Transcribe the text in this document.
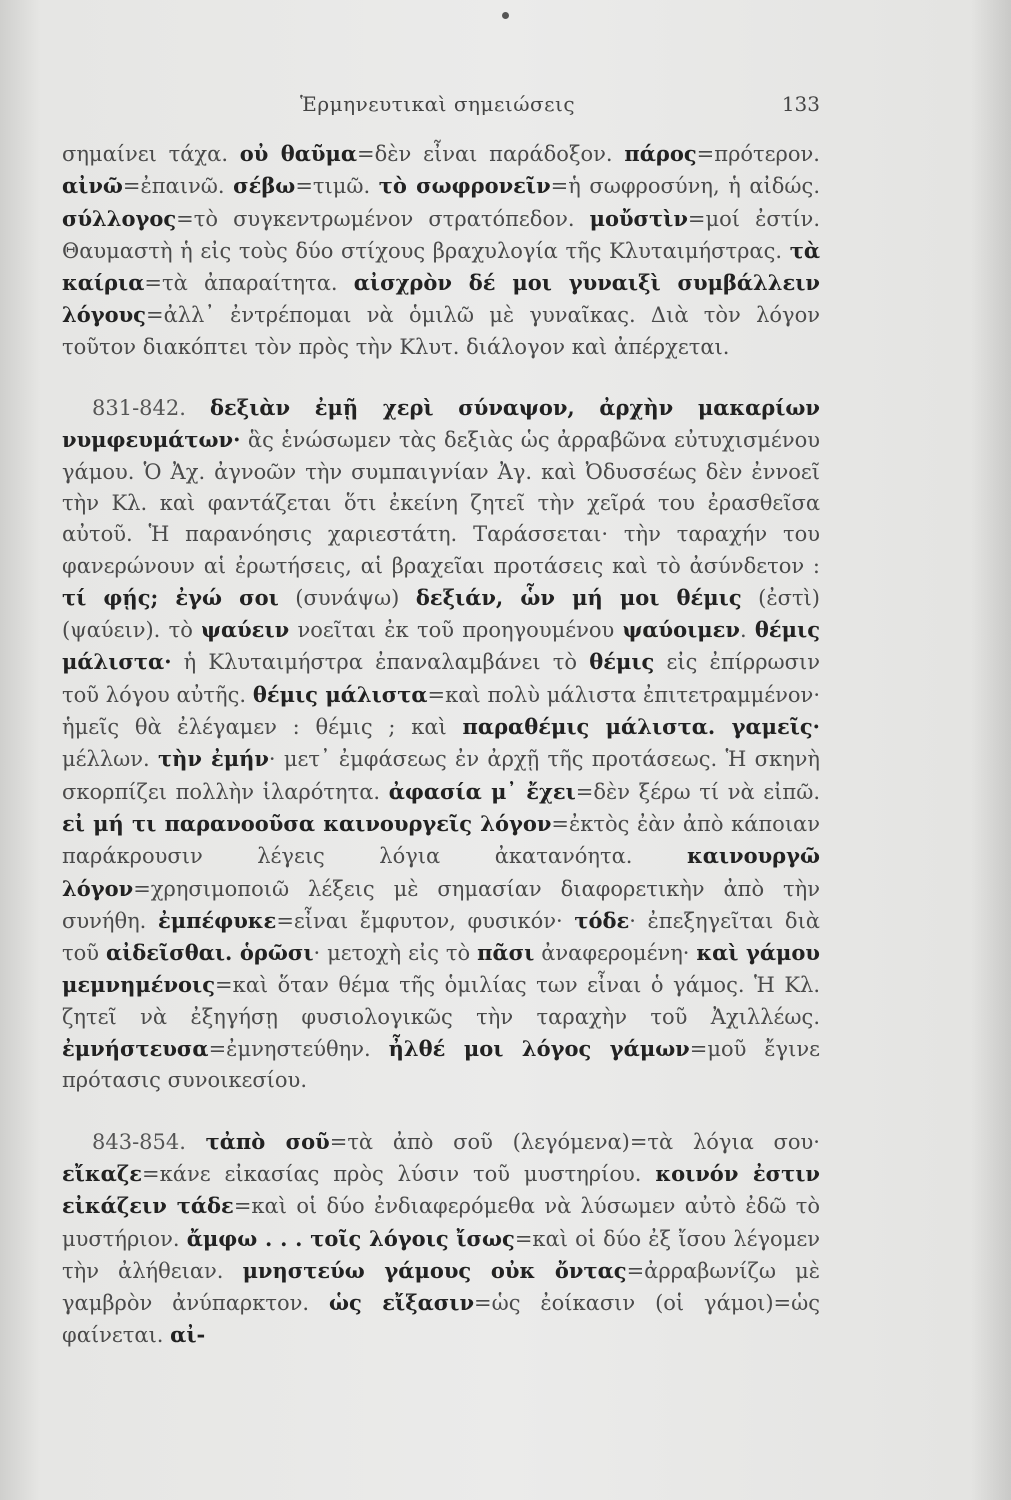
Ἑρμηνευτικαὶ σημειώσεις	133

σημαίνει τάχα. οὐ θαῦμα=δὲν εἶναι παράδοξον. πάρος=πρότερον. αἰνῶ=ἐπαινῶ. σέβω=τιμῶ. τὸ σωφρονεῖν=ἡ σωφροσύνη, ἡ αἰδώς. σύλλογος=τὸ συγκεντρωμένον στρατόπεδον. μοὔστὶν=μοί ἐστίν. Θαυμαστὴ ἡ εἰς τοὺς δύο στίχους βραχυλογία τῆς Κλυταιμήστρας. τὰ καίρια=τὰ ἀπαραίτητα. αἰσχρὸν δέ μοι γυναιξὶ συμβάλλειν λόγους=ἀλλ᾽ ἐντρέπομαι νὰ ὁμιλῶ μὲ γυναῖκας. Διὰ τὸν λόγον τοῦτον διακόπτει τὸν πρὸς τὴν Κλυτ. διάλογον καὶ ἀπέρχεται.

831-842. δεξιὰν ἐμῇ χερὶ σύναψον, ἀρχὴν μακαρίων νυμφευμάτων· ἃς ἑνώσωμεν τὰς δεξιὰς ὡς ἀρραβῶνα εὐτυχισμένου γάμου. Ὁ Ἀχ. ἀγνοῶν τὴν συμπαιγνίαν Ἀγ. καὶ Ὀδυσσέως δὲν ἐννοεῖ τὴν Κλ. καὶ φαντάζεται ὅτι ἐκείνη ζητεῖ τὴν χεῖρά του ἐρασθεῖσα αὐτοῦ. Ἡ παρανόησις χαριεστάτη. Ταράσσεται· τὴν ταραχήν του φανερώνουν αἱ ἐρωτήσεις, αἱ βραχεῖαι προτάσεις καὶ τὸ ἀσύνδετον : τί φῄς; ἐγώ σοι (συνάψω) δεξιάν, ὧν μή μοι θέμις (ἐστὶ) (ψαύειν). τὸ ψαύειν νοεῖται ἐκ τοῦ προηγουμένου ψαύοιμεν. θέμις μάλιστα· ἡ Κλυταιμήστρα ἐπαναλαμβάνει τὸ θέμις εἰς ἐπίρρωσιν τοῦ λόγου αὐτῆς. θέμις μάλιστα=καὶ πολὺ μάλιστα ἐπιτετραμμένον· ἡμεῖς θὰ ἐλέγαμεν : θέμις ; καὶ παραθέμις μάλιστα. γαμεῖς· μέλλων. τὴν ἐμήν· μετ᾽ ἐμφάσεως ἐν ἀρχῇ τῆς προτάσεως. Ἡ σκηνὴ σκορπίζει πολλὴν ἱλαρότητα. ἀφασία μ᾽ ἔχει=δὲν ξέρω τί νὰ εἰπῶ. εἰ μή τι παρανοοῦσα καινουργεῖς λόγον=ἐκτὸς ἐὰν ἀπὸ κάποιαν παράκρουσιν λέγεις λόγια ἀκατανόητα. καινουργῶ λόγον=χρησιμοποιῶ λέξεις μὲ σημασίαν διαφορετικὴν ἀπὸ τὴν συνήθη. ἐμπέφυκε=εἶναι ἔμφυτον, φυσικόν· τόδε· ἐπεξηγεῖται διὰ τοῦ αἰδεῖσθαι. ὁρῶσι· μετοχὴ εἰς τὸ πᾶσι ἀναφερομένη· καὶ γάμου μεμνημένοις=καὶ ὅταν θέμα τῆς ὁμιλίας των εἶναι ὁ γάμος. Ἡ Κλ. ζητεῖ νὰ ἐξηγήσῃ φυσιολογικῶς τὴν ταραχὴν τοῦ Ἀχιλλέως. ἐμνήστευσα=ἐμνηστεύθην. ἦλθέ μοι λόγος γάμων=μοῦ ἔγινε πρότασις συνοικεσίου.

843-854. τἀπὸ σοῦ=τὰ ἀπὸ σοῦ (λεγόμενα)=τὰ λόγια σου· εἴκαζε=κάνε εἰκασίας πρὸς λύσιν τοῦ μυστηρίου. κοινόν ἐστιν εἰκάζειν τάδε=καὶ οἱ δύο ἐνδιαφερόμεθα νὰ λύσωμεν αὐτὸ ἐδῶ τὸ μυστήριον. ἄμφω . . . τοῖς λόγοις ἴσως=καὶ οἱ δύο ἐξ ἴσου λέγομεν τὴν ἀλήθειαν. μνηστεύω γάμους οὐκ ὄντας=ἀρραβωνίζω μὲ γαμβρὸν ἀνύπαρκτον. ὡς εἴξασιν=ὡς ἐοίκασιν (οἱ γάμοι)=ὡς φαίνεται. αἰ-
